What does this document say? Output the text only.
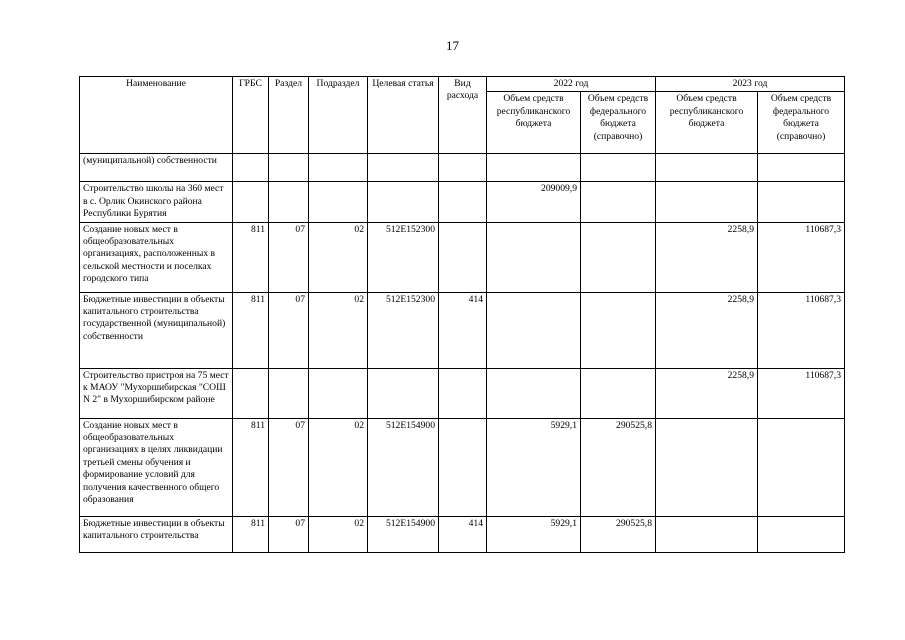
17
Наименование	ГРБС	Раздел	Подраздел	Целевая статья	Вид расхода	2022 год		2023 год	
						Объем средств республиканского бюджета	Объем средств федерального бюджета (справочно)	Объем средств республиканского бюджета	Объем средств федерального бюджета (справочно)
(муниципальной) собственности									
Строительство школы на 360 мест в с. Орлик Окинского района Республики Бурятия						209009,9			
Создание новых мест в общеобразовательных организациях, расположенных в сельской местности и поселках городского типа	811	07	02	512E152300				2258,9	110687,3
Бюджетные инвестиции в объекты капитального строительства государственной (муниципальной) собственности	811	07	02	512E152300	414			2258,9	110687,3
Строительство пристроя на 75 мест к МАОУ "Мухоршибирская "СОШ N 2" в Мухоршибирском районе								2258,9	110687,3
Создание новых мест в общеобразовательных организациях в целях ликвидации третьей смены обучения и формирование условий для получения качественного общего образования	811	07	02	512E154900		5929,1	290525,8		
Бюджетные инвестиции в объекты капитального строительства	811	07	02	512E154900	414	5929,1	290525,8		
